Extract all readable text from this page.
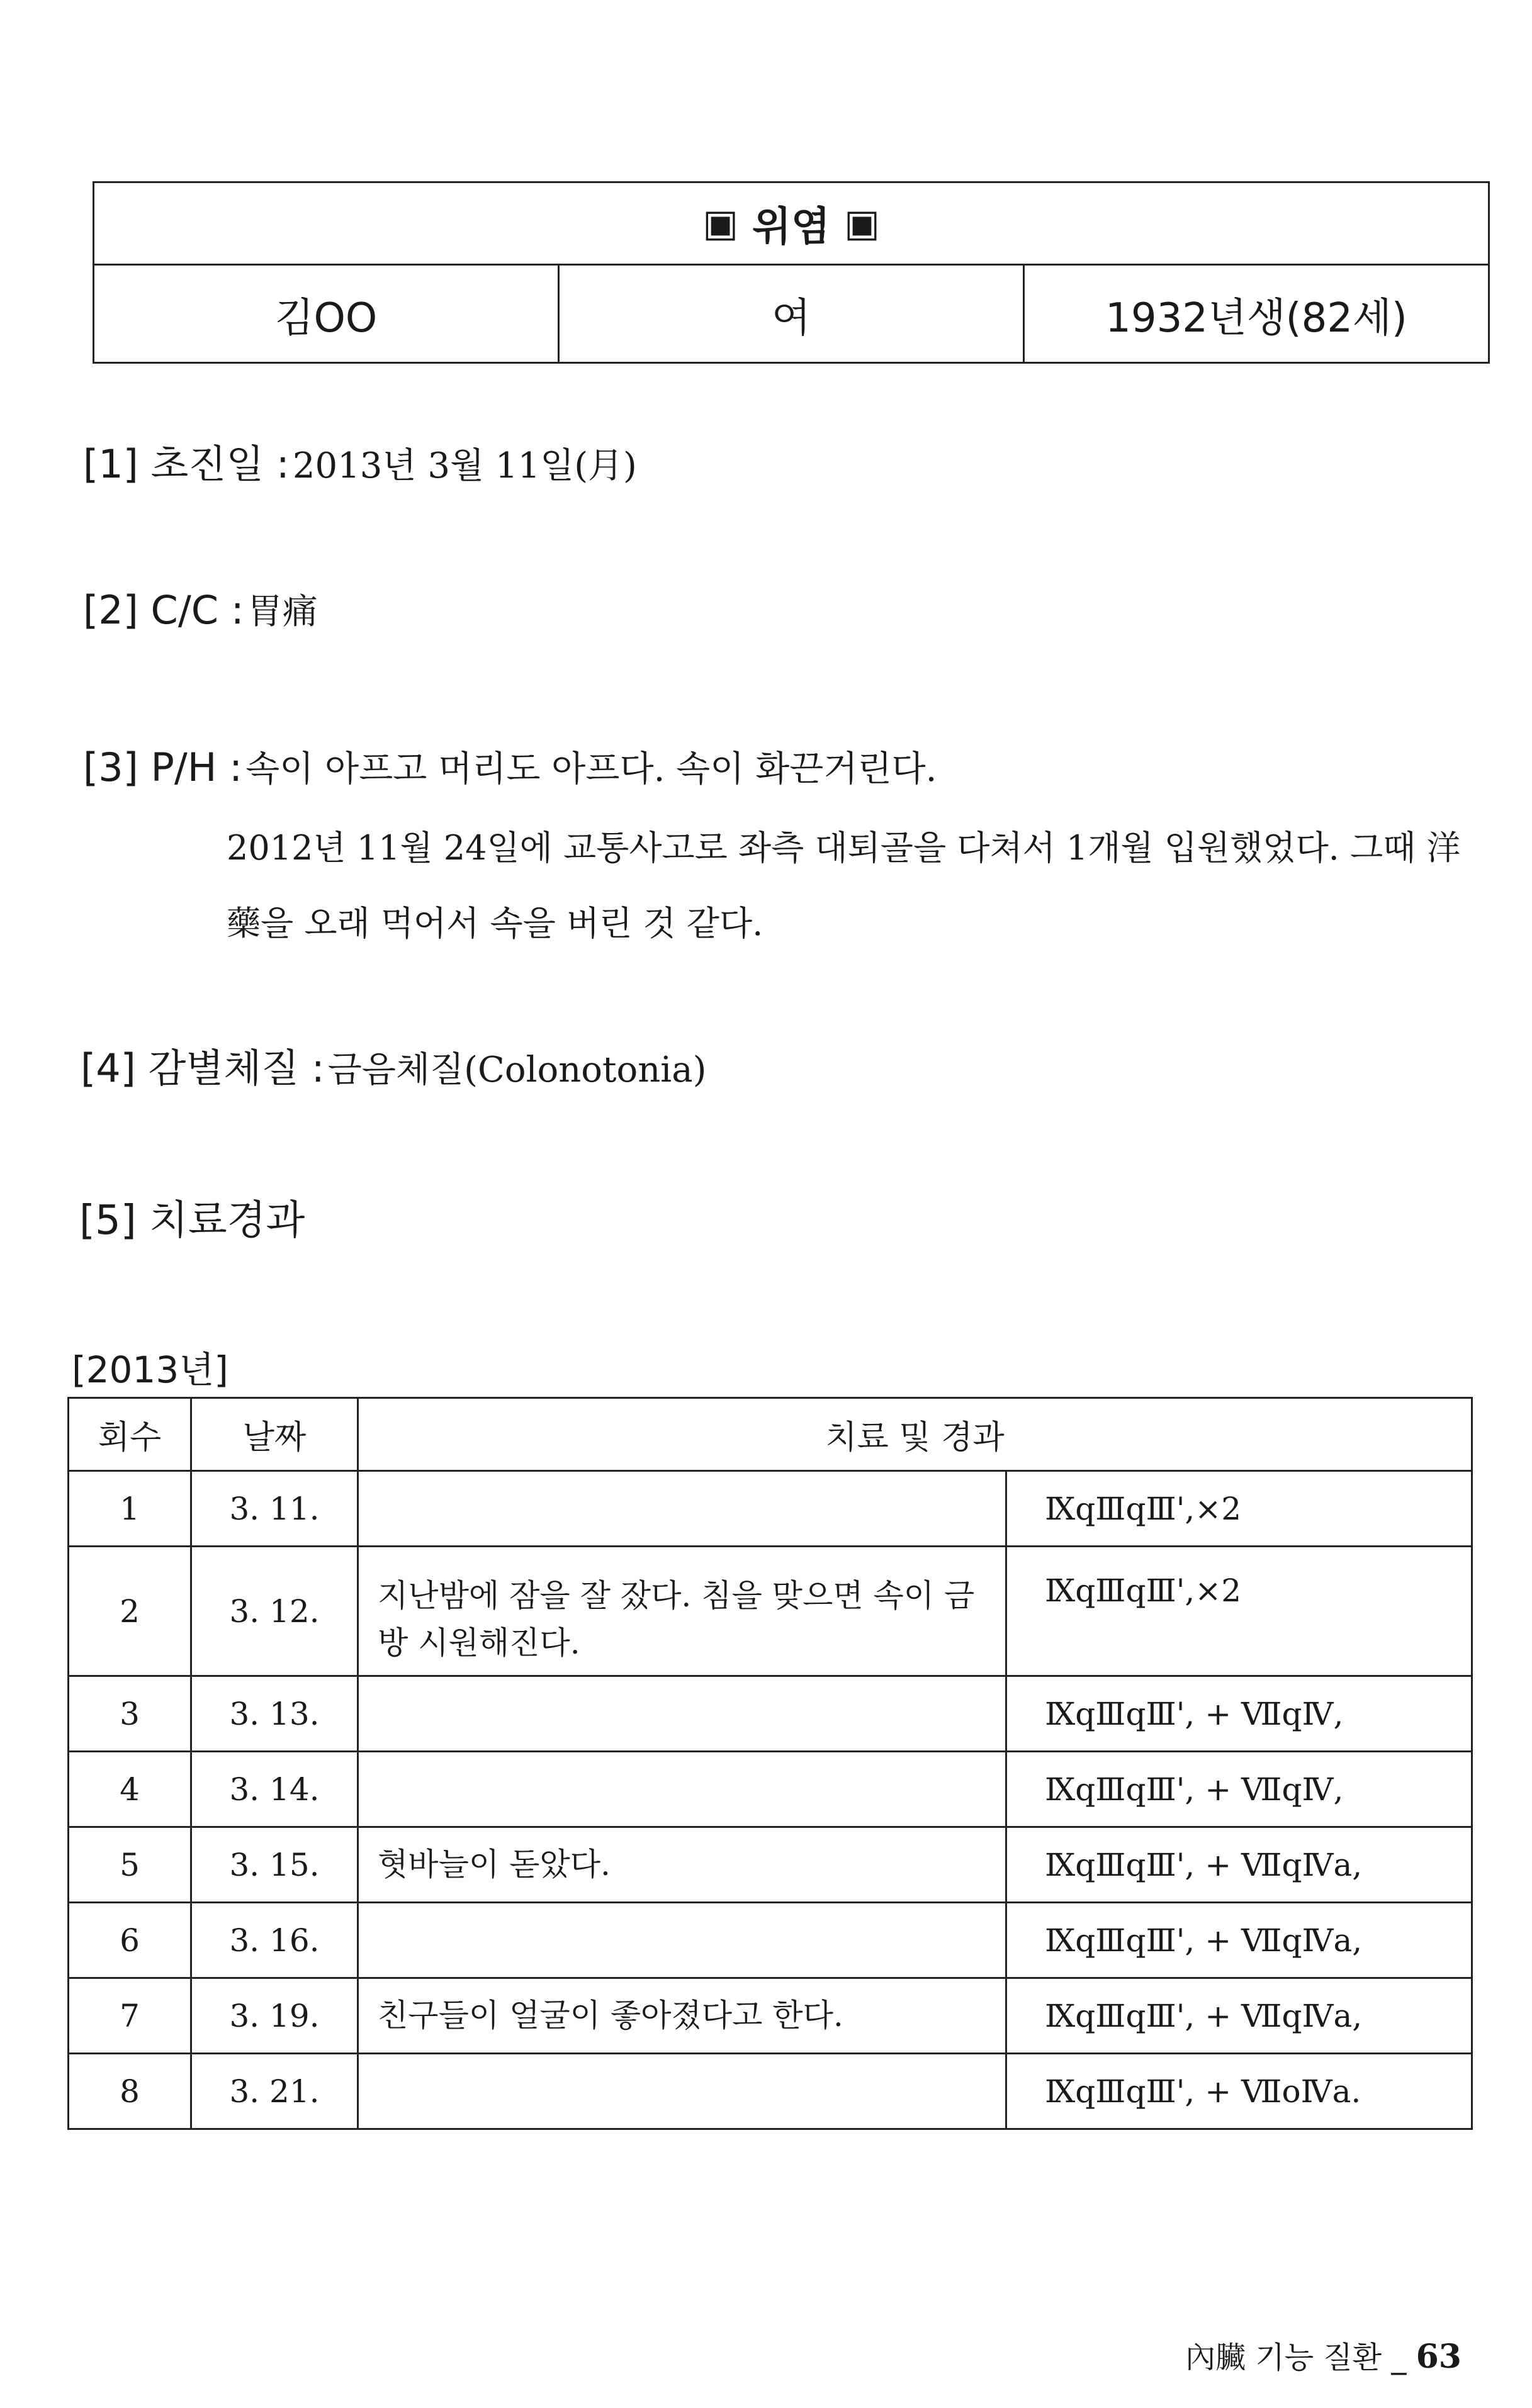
▣
위염
▣
김OO	여	1932년생(82세)
[1] 초진일 : 2013년 3월 11일(月)
[2] C/C : 胃痛
[3] P/H : 속이 아프고 머리도 아프다. 속이 화끈거린다.
2012년 11월 24일에 교통사고로 좌측 대퇴골을 다쳐서 1개월 입원했었다. 그때 洋
藥을 오래 먹어서 속을 버린 것 같다.
[4] 감별체질 : 금음체질(Colonotonia)
[5] 치료경과
[2013년]
회수	날짜	치료 및 경과	
1	3. 11.		ⅨqⅢqⅢ',×2
2	3. 12.	지난밤에 잠을 잘 잤다. 침을 맞으면 속이 금방 시원해진다.	ⅨqⅢqⅢ',×2
3	3. 13.		ⅨqⅢqⅢ', + ⅦqⅣ,
4	3. 14.		ⅨqⅢqⅢ', + ⅦqⅣ,
5	3. 15.	혓바늘이 돋았다.	ⅨqⅢqⅢ', + ⅦqⅣa,
6	3. 16.		ⅨqⅢqⅢ', + ⅦqⅣa,
7	3. 19.	친구들이 얼굴이 좋아졌다고 한다.	ⅨqⅢqⅢ', + ⅦqⅣa,
8	3. 21.		ⅨqⅢqⅢ', + ⅦoⅣa.
內臟 기능 질환 _ 63
